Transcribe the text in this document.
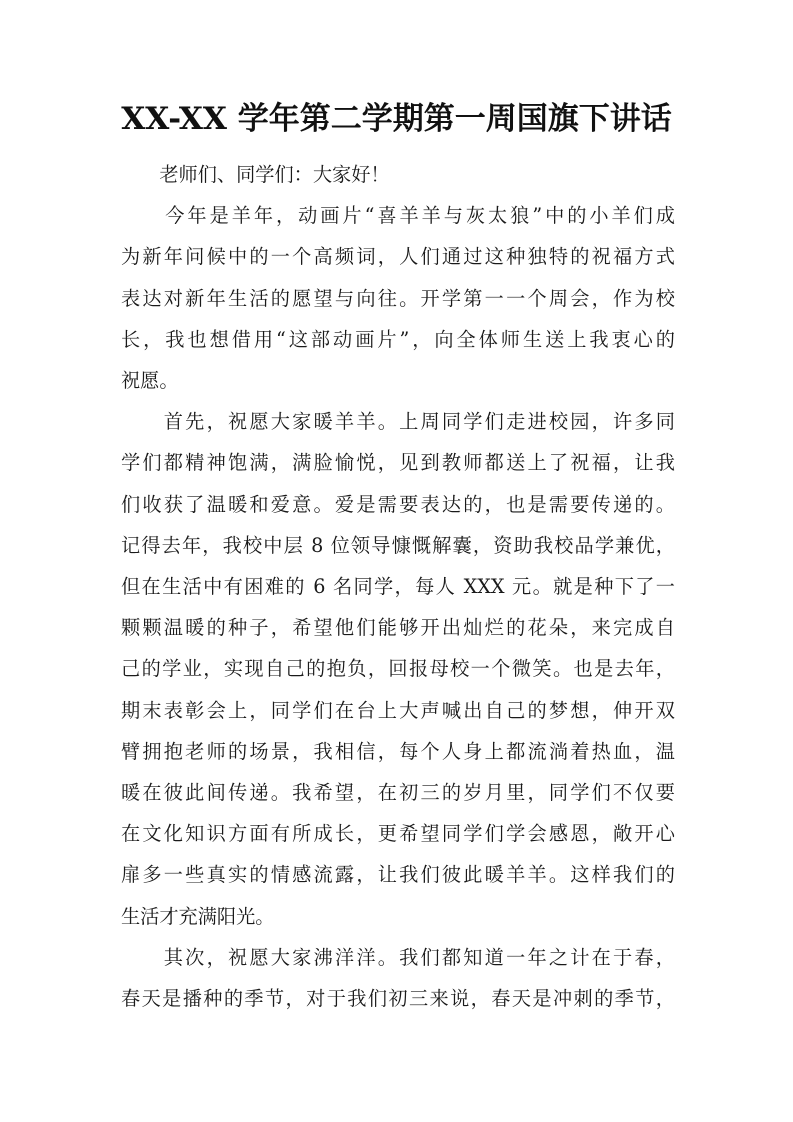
XX-XX 学年第二学期第一周国旗下讲话
　　老师们、同学们：大家好！
　　今年是羊年，动画片“喜羊羊与灰太狼”中的小羊们成
为新年问候中的一个高频词，人们通过这种独特的祝福方式
表达对新年生活的愿望与向往。开学第一一个周会，作为校
长，我也想借用“这部动画片”，向全体师生送上我衷心的
祝愿。
　　首先，祝愿大家暖羊羊。上周同学们走进校园，许多同
学们都精神饱满，满脸愉悦，见到教师都送上了祝福，让我
们收获了温暖和爱意。爱是需要表达的，也是需要传递的。
记得去年，我校中层 8 位领导慷慨解囊，资助我校品学兼优，
但在生活中有困难的 6 名同学，每人 XXX 元。就是种下了一
颗颗温暖的种子，希望他们能够开出灿烂的花朵，来完成自
己的学业，实现自己的抱负，回报母校一个微笑。也是去年，
期末表彰会上，同学们在台上大声喊出自己的梦想，伸开双
臂拥抱老师的场景，我相信，每个人身上都流淌着热血，温
暖在彼此间传递。我希望，在初三的岁月里，同学们不仅要
在文化知识方面有所成长，更希望同学们学会感恩，敞开心
扉多一些真实的情感流露，让我们彼此暖羊羊。这样我们的
生活才充满阳光。
　　其次，祝愿大家沸洋洋。我们都知道一年之计在于春，
春天是播种的季节，对于我们初三来说，春天是冲刺的季节，
